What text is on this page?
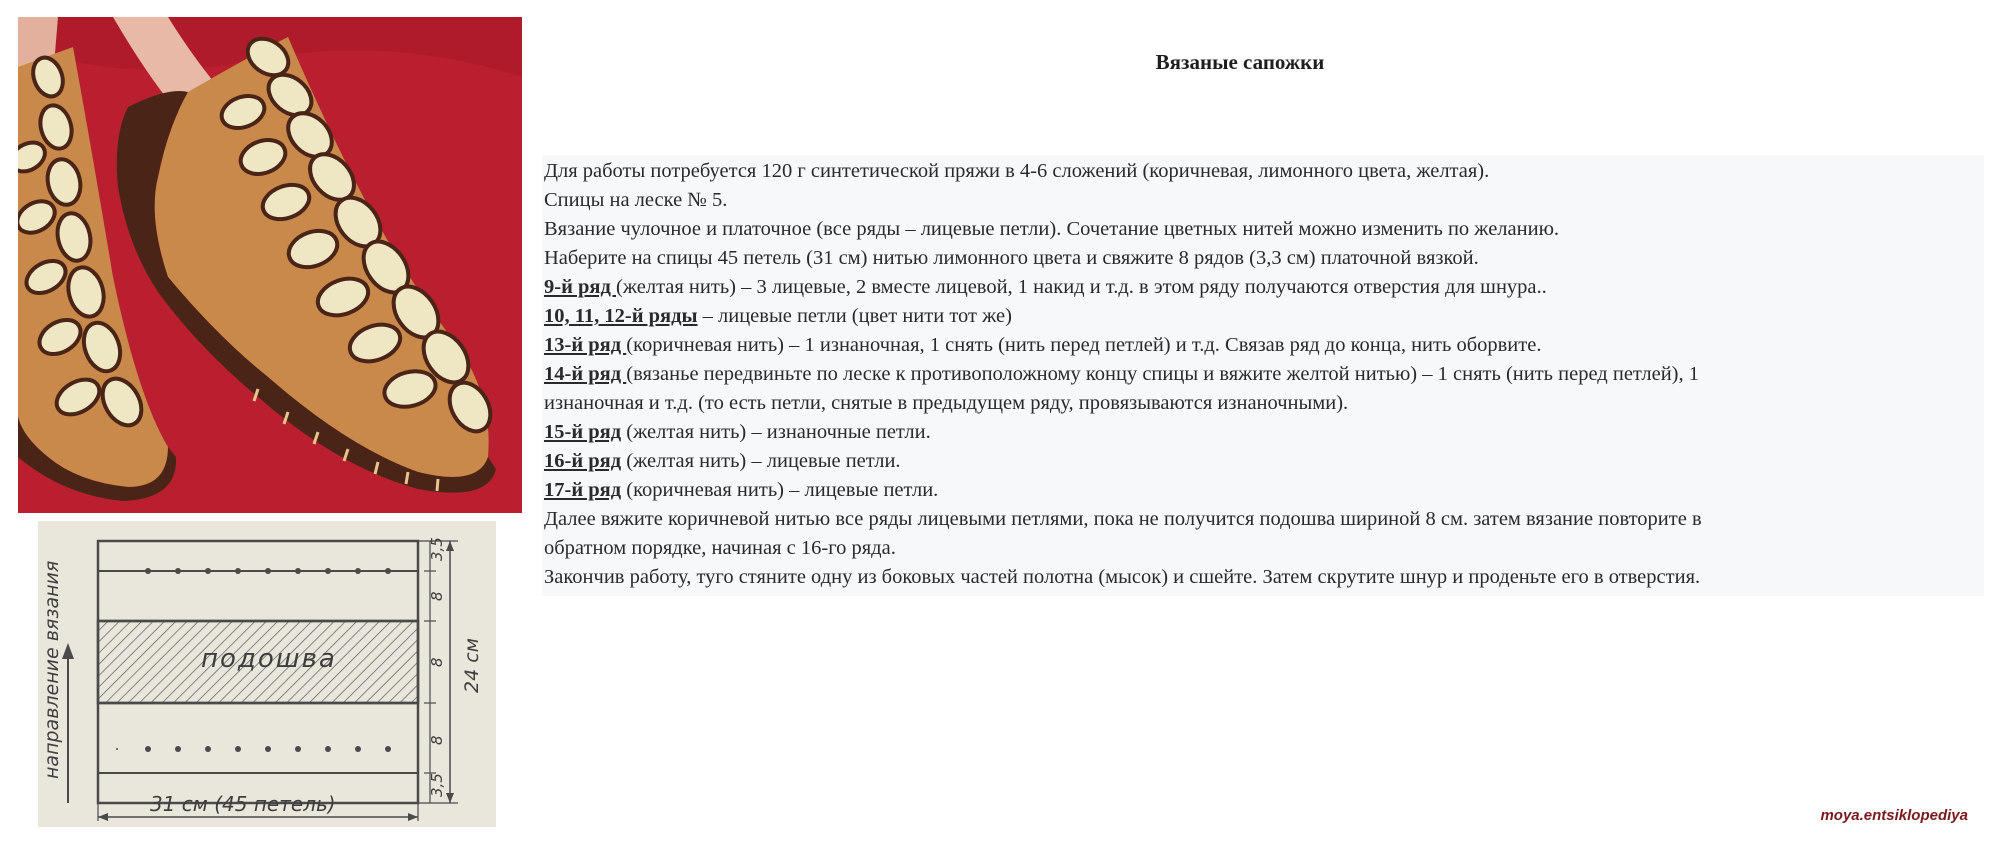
направление вязания	подошва
3,5
8
8
8
3,5
24 см
31 см (45 петель)
Вязаные сапожки

Для работы потребуется 120 г синтетической пряжи в 4-6 сложений (коричневая, лимонного цвета, желтая).

Спицы на леске № 5.

Вязание чулочное и платочное (все ряды – лицевые петли). Сочетание цветных нитей можно изменить по желанию.

Наберите на спицы 45 петель (31 см) нитью лимонного цвета и свяжите 8 рядов (3,3 см) платочной вязкой.

9-й ряд (желтая нить) – 3 лицевые, 2 вместе лицевой, 1 накид и т.д. в этом ряду получаются отверстия для шнура..

10, 11, 12-й ряды – лицевые петли (цвет нити тот же)

13-й ряд (коричневая нить) – 1 изнаночная, 1 снять (нить перед петлей) и т.д. Связав ряд до конца, нить оборвите.

14-й ряд (вязанье передвиньте по леске к противоположному концу спицы и вяжите желтой нитью) – 1 снять (нить перед петлей), 1

изнаночная и т.д. (то есть петли, снятые в предыдущем ряду, провязываются изнаночными).

15-й ряд (желтая нить) – изнаночные петли.

16-й ряд (желтая нить) – лицевые петли.

17-й ряд (коричневая нить) – лицевые петли.

Далее вяжите коричневой нитью все ряды лицевыми петлями, пока не получится подошва шириной 8 см. затем вязание повторите в

обратном порядке, начиная с 16-го ряда.

Закончив работу, туго стяните одну из боковых частей полотна (мысок) и сшейте. Затем скрутите шнур и проденьте его в отверстия.

moya.entsiklopediya
